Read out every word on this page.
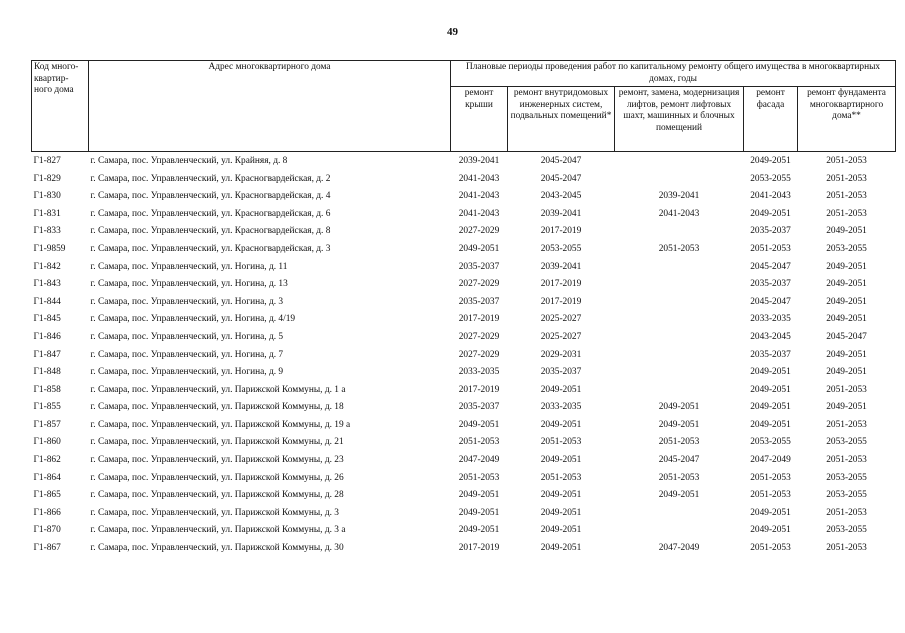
49
Код много-квартир-ного дома	Адрес многоквартирного дома	Плановые периоды проведения работ по капитальному ремонту общего имущества в многоквартирных домах, годы				
		ремонт крыши	ремонт внутридомовых инженерных систем, подвальных помещений*	ремонт, замена, модернизация лифтов, ремонт лифтовых шахт, машинных и блочных помещений	ремонт фасада	ремонт фундамента многоквартирного дома**
Г1-827	г. Самара, пос. Управленческий, ул. Крайняя, д. 8	2039-2041	2045-2047		2049-2051	2051-2053
Г1-829	г. Самара, пос. Управленческий, ул. Красногвардейская, д. 2	2041-2043	2045-2047		2053-2055	2051-2053
Г1-830	г. Самара, пос. Управленческий, ул. Красногвардейская, д. 4	2041-2043	2043-2045	2039-2041	2041-2043	2051-2053
Г1-831	г. Самара, пос. Управленческий, ул. Красногвардейская, д. 6	2041-2043	2039-2041	2041-2043	2049-2051	2051-2053
Г1-833	г. Самара, пос. Управленческий, ул. Красногвардейская, д. 8	2027-2029	2017-2019		2035-2037	2049-2051
Г1-9859	г. Самара, пос. Управленческий, ул. Красногвардейская, д. 3	2049-2051	2053-2055	2051-2053	2051-2053	2053-2055
Г1-842	г. Самара, пос. Управленческий, ул. Ногина, д. 11	2035-2037	2039-2041		2045-2047	2049-2051
Г1-843	г. Самара, пос. Управленческий, ул. Ногина, д. 13	2027-2029	2017-2019		2035-2037	2049-2051
Г1-844	г. Самара, пос. Управленческий, ул. Ногина, д. 3	2035-2037	2017-2019		2045-2047	2049-2051
Г1-845	г. Самара, пос. Управленческий, ул. Ногина, д. 4/19	2017-2019	2025-2027		2033-2035	2049-2051
Г1-846	г. Самара, пос. Управленческий, ул. Ногина, д. 5	2027-2029	2025-2027		2043-2045	2045-2047
Г1-847	г. Самара, пос. Управленческий, ул. Ногина, д. 7	2027-2029	2029-2031		2035-2037	2049-2051
Г1-848	г. Самара, пос. Управленческий, ул. Ногина, д. 9	2033-2035	2035-2037		2049-2051	2049-2051
Г1-858	г. Самара, пос. Управленческий, ул. Парижской Коммуны, д. 1 а	2017-2019	2049-2051		2049-2051	2051-2053
Г1-855	г. Самара, пос. Управленческий, ул. Парижской Коммуны, д. 18	2035-2037	2033-2035	2049-2051	2049-2051	2049-2051
Г1-857	г. Самара, пос. Управленческий, ул. Парижской Коммуны, д. 19 а	2049-2051	2049-2051	2049-2051	2049-2051	2051-2053
Г1-860	г. Самара, пос. Управленческий, ул. Парижской Коммуны, д. 21	2051-2053	2051-2053	2051-2053	2053-2055	2053-2055
Г1-862	г. Самара, пос. Управленческий, ул. Парижской Коммуны, д. 23	2047-2049	2049-2051	2045-2047	2047-2049	2051-2053
Г1-864	г. Самара, пос. Управленческий, ул. Парижской Коммуны, д. 26	2051-2053	2051-2053	2051-2053	2051-2053	2053-2055
Г1-865	г. Самара, пос. Управленческий, ул. Парижской Коммуны, д. 28	2049-2051	2049-2051	2049-2051	2051-2053	2053-2055
Г1-866	г. Самара, пос. Управленческий, ул. Парижской Коммуны, д. 3	2049-2051	2049-2051		2049-2051	2051-2053
Г1-870	г. Самара, пос. Управленческий, ул. Парижской Коммуны, д. 3 а	2049-2051	2049-2051		2049-2051	2053-2055
Г1-867	г. Самара, пос. Управленческий, ул. Парижской Коммуны, д. 30	2017-2019	2049-2051	2047-2049	2051-2053	2051-2053
